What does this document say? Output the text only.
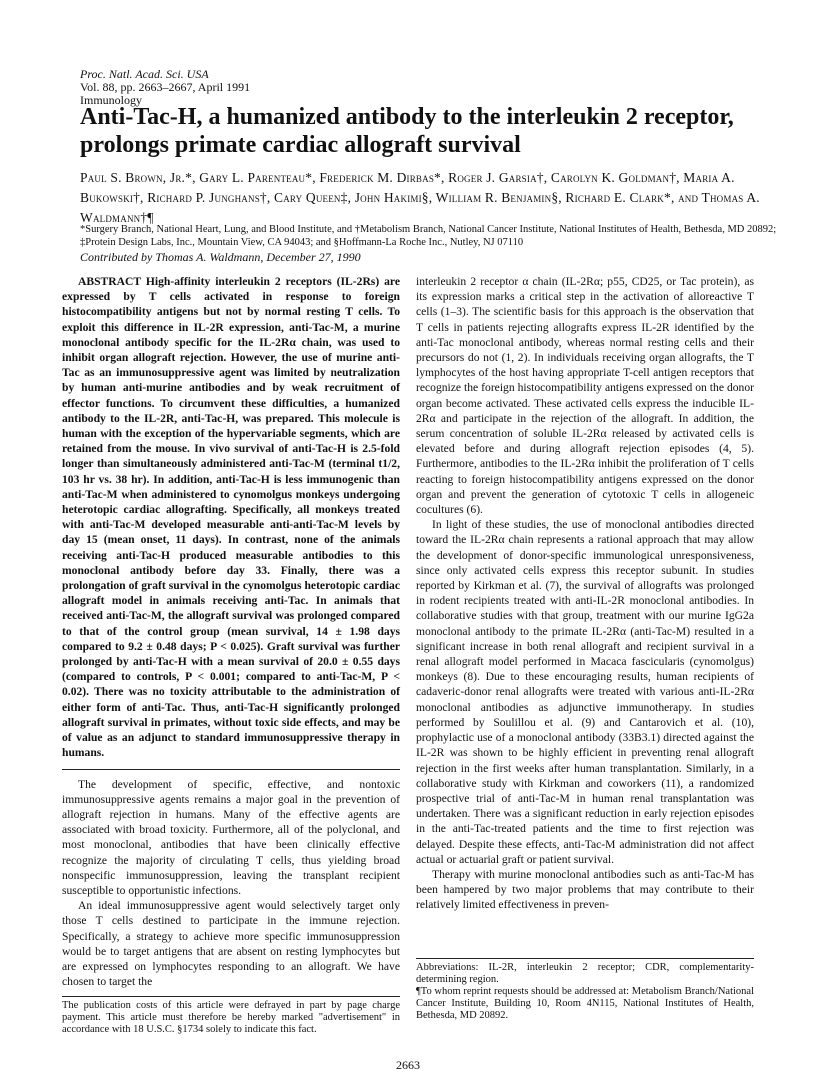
Proc. Natl. Acad. Sci. USA
Vol. 88, pp. 2663–2667, April 1991
Immunology
Anti-Tac-H, a humanized antibody to the interleukin 2 receptor, prolongs primate cardiac allograft survival
Paul S. Brown, Jr.*, Gary L. Parenteau*, Frederick M. Dirbas*, Roger J. Garsia†, Carolyn K. Goldman†, Maria A. Bukowski†, Richard P. Junghans†, Cary Queen‡, John Hakimi§, William R. Benjamin§, Richard E. Clark*, and Thomas A. Waldmann†¶
*Surgery Branch, National Heart, Lung, and Blood Institute, and †Metabolism Branch, National Cancer Institute, National Institutes of Health, Bethesda, MD 20892; ‡Protein Design Labs, Inc., Mountain View, CA 94043; and §Hoffmann-La Roche Inc., Nutley, NJ 07110
Contributed by Thomas A. Waldmann, December 27, 1990

ABSTRACT High-affinity interleukin 2 receptors (IL-2Rs) are expressed by T cells activated in response to foreign histocompatibility antigens but not by normal resting T cells. To exploit this difference in IL-2R expression, anti-Tac-M, a murine monoclonal antibody specific for the IL-2Rα chain, was used to inhibit organ allograft rejection. However, the use of murine anti-Tac as an immunosuppressive agent was limited by neutralization by human anti-murine antibodies and by weak recruitment of effector functions. To circumvent these difficulties, a humanized antibody to the IL-2R, anti-Tac-H, was prepared. This molecule is human with the exception of the hypervariable segments, which are retained from the mouse. In vivo survival of anti-Tac-H is 2.5-fold longer than simultaneously administered anti-Tac-M (terminal t1/2, 103 hr vs. 38 hr). In addition, anti-Tac-H is less immunogenic than anti-Tac-M when administered to cynomolgus monkeys undergoing heterotopic cardiac allografting. Specifically, all monkeys treated with anti-Tac-M developed measurable anti-anti-Tac-M levels by day 15 (mean onset, 11 days). In contrast, none of the animals receiving anti-Tac-H produced measurable antibodies to this monoclonal antibody before day 33. Finally, there was a prolongation of graft survival in the cynomolgus heterotopic cardiac allograft model in animals receiving anti-Tac. In animals that received anti-Tac-M, the allograft survival was prolonged compared to that of the control group (mean survival, 14 ± 1.98 days compared to 9.2 ± 0.48 days; P < 0.025). Graft survival was further prolonged by anti-Tac-H with a mean survival of 20.0 ± 0.55 days (compared to controls, P < 0.001; compared to anti-Tac-M, P < 0.02). There was no toxicity attributable to the administration of either form of anti-Tac. Thus, anti-Tac-H significantly prolonged allograft survival in primates, without toxic side effects, and may be of value as an adjunct to standard immunosuppressive therapy in humans.

The development of specific, effective, and nontoxic immunosuppressive agents remains a major goal in the prevention of allograft rejection in humans. Many of the effective agents are associated with broad toxicity. Furthermore, all of the polyclonal, and most monoclonal, antibodies that have been clinically effective recognize the majority of circulating T cells, thus yielding broad nonspecific immunosuppression, leaving the transplant recipient susceptible to opportunistic infections.

An ideal immunosuppressive agent would selectively target only those T cells destined to participate in the immune rejection. Specifically, a strategy to achieve more specific immunosuppression would be to target antigens that are absent on resting lymphocytes but are expressed on lymphocytes responding to an allograft. We have chosen to target the

interleukin 2 receptor α chain (IL-2Rα; p55, CD25, or Tac protein), as its expression marks a critical step in the activation of alloreactive T cells (1–3). The scientific basis for this approach is the observation that T cells in patients rejecting allografts express IL-2R identified by the anti-Tac monoclonal antibody, whereas normal resting cells and their precursors do not (1, 2). In individuals receiving organ allografts, the T lymphocytes of the host having appropriate T-cell antigen receptors that recognize the foreign histocompatibility antigens expressed on the donor organ become activated. These activated cells express the inducible IL-2Rα and participate in the rejection of the allograft. In addition, the serum concentration of soluble IL-2Rα released by activated cells is elevated before and during allograft rejection episodes (4, 5). Furthermore, antibodies to the IL-2Rα inhibit the proliferation of T cells reacting to foreign histocompatibility antigens expressed on the donor organ and prevent the generation of cytotoxic T cells in allogeneic cocultures (6).

In light of these studies, the use of monoclonal antibodies directed toward the IL-2Rα chain represents a rational approach that may allow the development of donor-specific immunological unresponsiveness, since only activated cells express this receptor subunit. In studies reported by Kirkman et al. (7), the survival of allografts was prolonged in rodent recipients treated with anti-IL-2R monoclonal antibodies. In collaborative studies with that group, treatment with our murine IgG2a monoclonal antibody to the primate IL-2Rα (anti-Tac-M) resulted in a significant increase in both renal allograft and recipient survival in a renal allograft model performed in Macaca fascicularis (cynomolgus) monkeys (8). Due to these encouraging results, human recipients of cadaveric-donor renal allografts were treated with various anti-IL-2Rα monoclonal antibodies as adjunctive immunotherapy. In studies performed by Soulillou et al. (9) and Cantarovich et al. (10), prophylactic use of a monoclonal antibody (33B3.1) directed against the IL-2R was shown to be highly efficient in preventing renal allograft rejection in the first weeks after human transplantation. Similarly, in a collaborative study with Kirkman and coworkers (11), a randomized prospective trial of anti-Tac-M in human renal transplantation was undertaken. There was a significant reduction in early rejection episodes in the anti-Tac-treated patients and the time to first rejection was delayed. Despite these effects, anti-Tac-M administration did not affect actual or actuarial graft or patient survival.

Therapy with murine monoclonal antibodies such as anti-Tac-M has been hampered by two major problems that may contribute to their relatively limited effectiveness in preven-

The publication costs of this article were defrayed in part by page charge payment. This article must therefore be hereby marked "advertisement" in accordance with 18 U.S.C. §1734 solely to indicate this fact.

Abbreviations: IL-2R, interleukin 2 receptor; CDR, complementarity-determining region.

¶To whom reprint requests should be addressed at: Metabolism Branch/National Cancer Institute, Building 10, Room 4N115, National Institutes of Health, Bethesda, MD 20892.

2663
